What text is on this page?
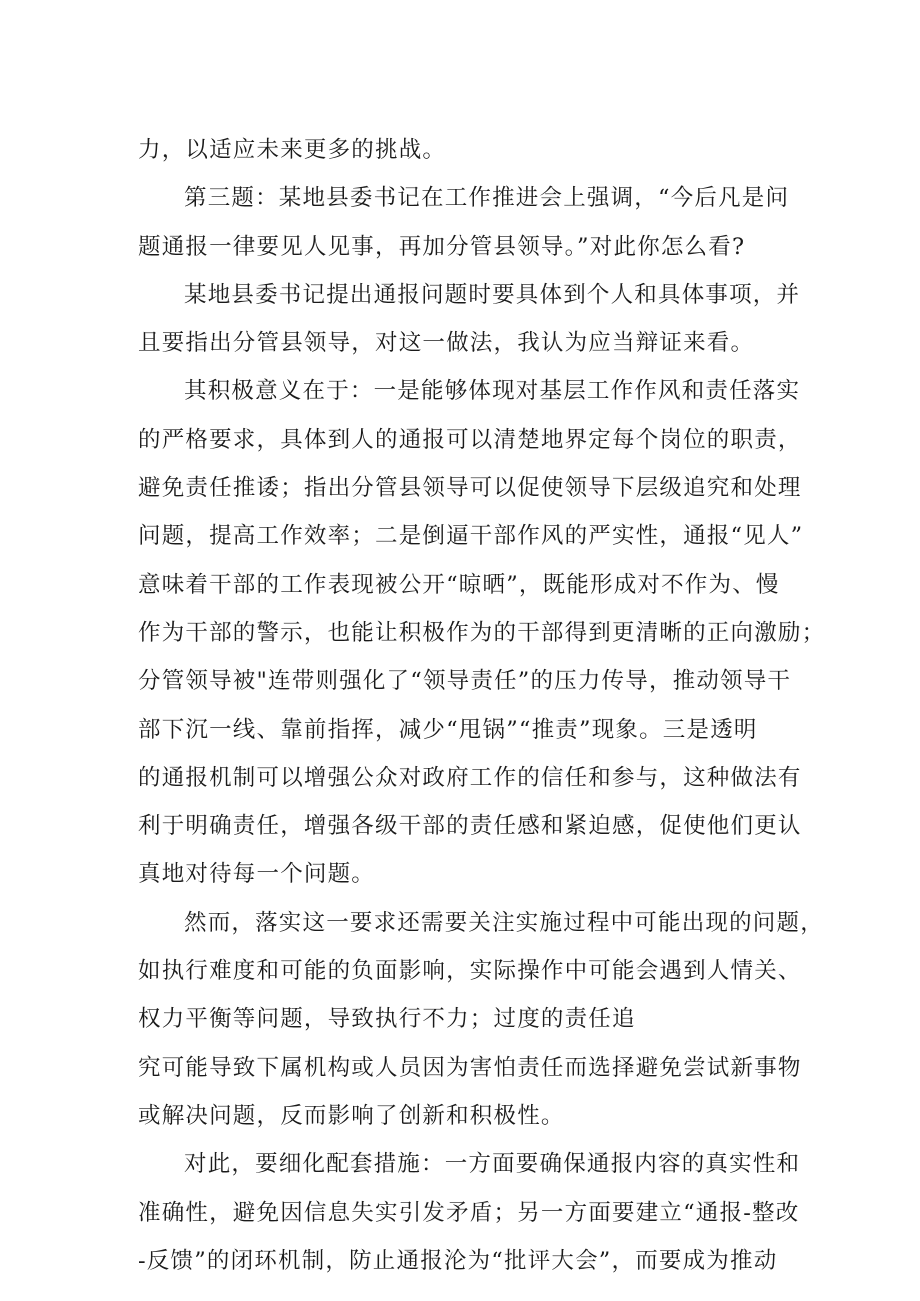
力，以适应未来更多的挑战。
第三题：某地县委书记在工作推进会上强调，“今后凡是问
题通报一律要见人见事，再加分管县领导。”对此你怎么看?
某地县委书记提出通报问题时要具体到个人和具体事项，并
且要指出分管县领导，对这一做法，我认为应当辩证来看。
其积极意义在于：一是能够体现对基层工作作风和责任落实
的严格要求，具体到人的通报可以清楚地界定每个岗位的职责，
避免责任推诿；指出分管县领导可以促使领导下层级追究和处理
问题，提高工作效率；二是倒逼干部作风的严实性，通报“见人”
意味着干部的工作表现被公开“晾晒”，既能形成对不作为、慢
作为干部的警示，也能让积极作为的干部得到更清晰的正向激励；
分管领导被"连带则强化了“领导责任”的压力传导，推动领导干
部下沉一线、靠前指挥，减少“甩锅”“推责”现象。三是透明
的通报机制可以增强公众对政府工作的信任和参与，这种做法有
利于明确责任，增强各级干部的责任感和紧迫感，促使他们更认
真地对待每一个问题。
然而，落实这一要求还需要关注实施过程中可能出现的问题，
如执行难度和可能的负面影响，实际操作中可能会遇到人情关、
权力平衡等问题，导致执行不力；过度的责任追
究可能导致下属机构或人员因为害怕责任而选择避免尝试新事物
或解决问题，反而影响了创新和积极性。
对此，要细化配套措施：一方面要确保通报内容的真实性和
准确性，避免因信息失实引发矛盾；另一方面要建立“通报-整改
-反馈”的闭环机制，防止通报沦为“批评大会”，而要成为推动
